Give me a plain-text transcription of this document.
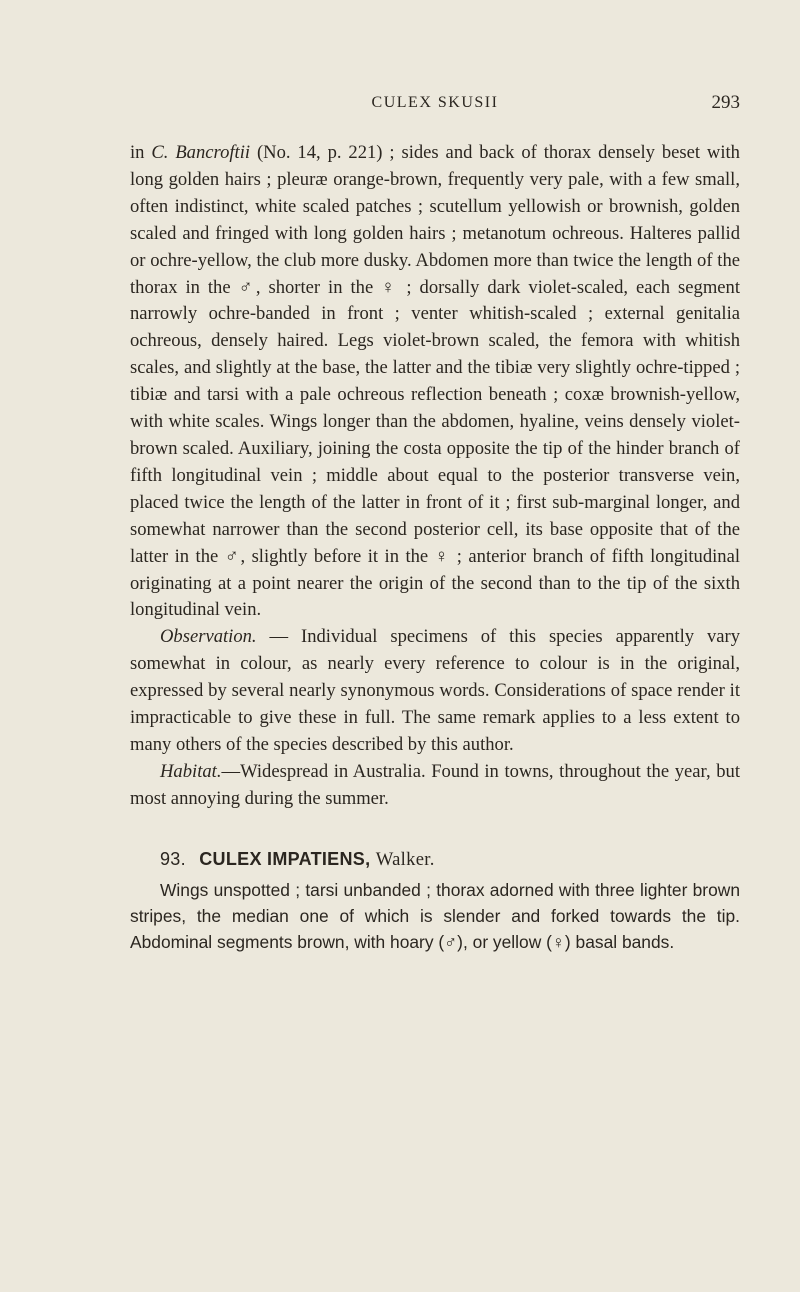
CULEX SKUSII	293

in C. Bancroftii (No. 14, p. 221) ; sides and back of thorax densely beset with long golden hairs ; pleuræ orange-brown, frequently very pale, with a few small, often indistinct, white scaled patches ; scutellum yellowish or brownish, golden scaled and fringed with long golden hairs ; metanotum ochreous. Halteres pallid or ochre-yellow, the club more dusky. Abdomen more than twice the length of the thorax in the ♂, shorter in the ♀ ; dorsally dark violet-scaled, each segment narrowly ochre-banded in front ; venter whitish-scaled ; external genitalia ochreous, densely haired. Legs violet-brown scaled, the femora with whitish scales, and slightly at the base, the latter and the tibiæ very slightly ochre-tipped ; tibiæ and tarsi with a pale ochreous reflection beneath ; coxæ brownish-yellow, with white scales. Wings longer than the abdomen, hyaline, veins densely violet-brown scaled. Auxiliary, joining the costa opposite the tip of the hinder branch of fifth longitudinal vein ; middle about equal to the posterior transverse vein, placed twice the length of the latter in front of it ; first sub-marginal longer, and somewhat narrower than the second posterior cell, its base opposite that of the latter in the ♂, slightly before it in the ♀ ; anterior branch of fifth longitudinal originating at a point nearer the origin of the second than to the tip of the sixth longitudinal vein.

Observation. — Individual specimens of this species apparently vary somewhat in colour, as nearly every reference to colour is in the original, expressed by several nearly synonymous words. Considerations of space render it impracticable to give these in full. The same remark applies to a less extent to many others of the species described by this author.

Habitat.—Widespread in Australia. Found in towns, throughout the year, but most annoying during the summer.

93. CULEX IMPATIENS, Walker.

Wings unspotted ; tarsi unbanded ; thorax adorned with three lighter brown stripes, the median one of which is slender and forked towards the tip. Abdominal segments brown, with hoary (♂), or yellow (♀) basal bands.
